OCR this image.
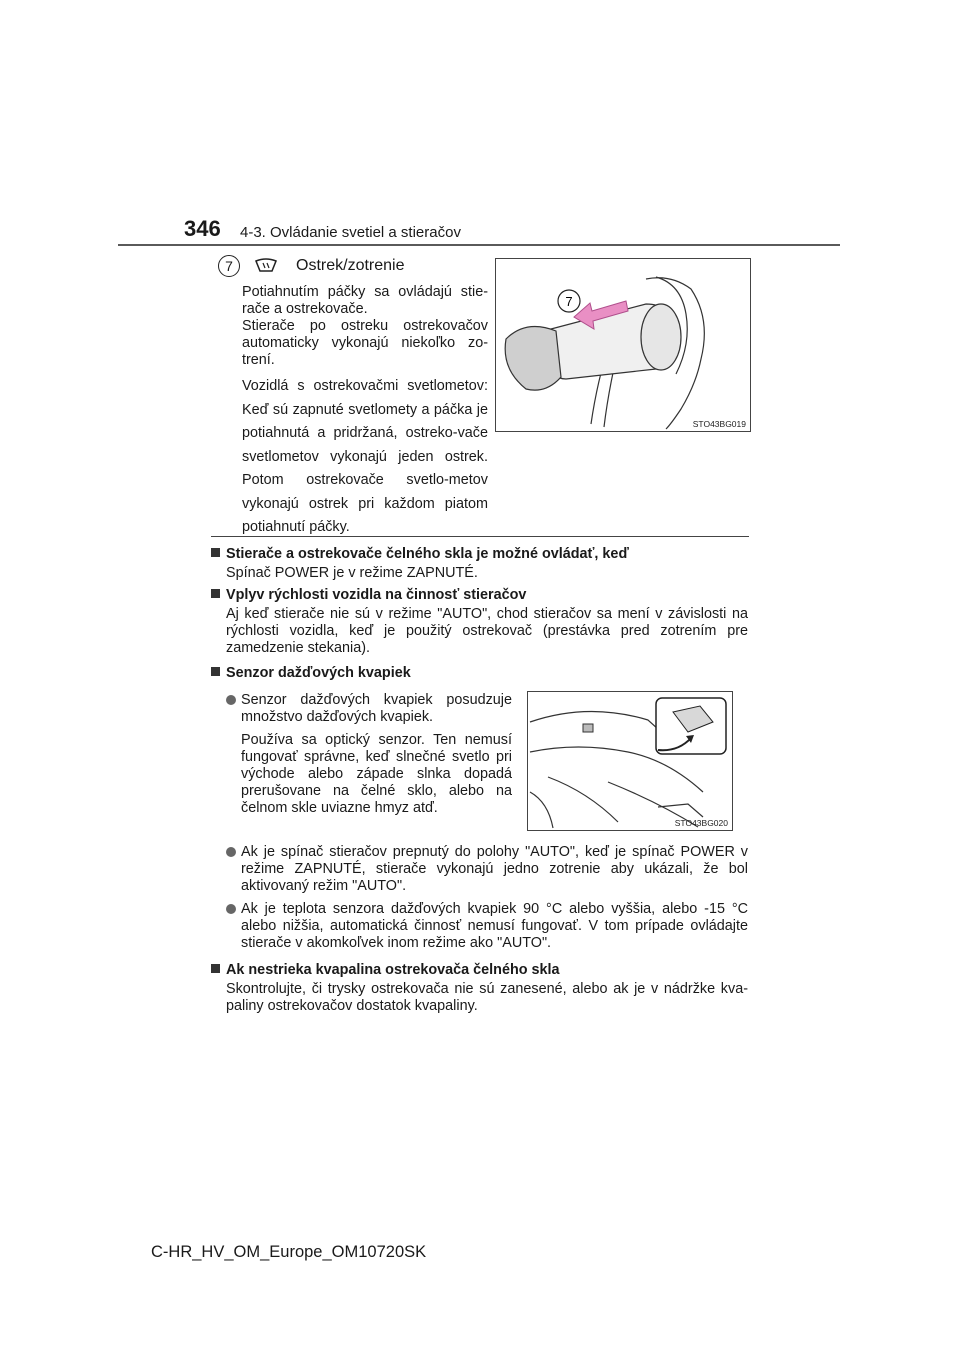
346 4-3. Ovládanie svetiel a stieračov
7	Ostrek/zotrenie
Potiahnutím páčky sa ovládajú stie-rače a ostrekovače.
Stierače po ostreku ostrekovačov automaticky vykonajú niekoľko zo-trení.
Vozidlá s ostrekovačmi svetlometov: Keď sú zapnuté svetlomety a páčka je potiahnutá a pridržaná, ostreko-vače svetlometov vykonajú jeden ostrek. Potom ostrekovače svetlo-metov vykonajú ostrek pri každom piatom potiahnutí páčky.
7
STO43BG019
Stierače a ostrekovače čelného skla je možné ovládať, keď
Spínač POWER je v režime ZAPNUTÉ.
Vplyv rýchlosti vozidla na činnosť stieračov
Aj keď stierače nie sú v režime "AUTO", chod stieračov sa mení v závislosti na rýchlosti vozidla, keď je použitý ostrekovač (prestávka pred zotrením pre zamedzenie stekania).
Senzor dažďových kvapiek
Senzor dažďových kvapiek posudzuje množstvo dažďových kvapiek.
Používa sa optický senzor. Ten nemusí fungovať správne, keď slnečné svetlo pri východe alebo západe slnka dopadá prerušovane na čelné sklo, alebo na čelnom skle uviazne hmyz atď.
STO43BG020
Ak je spínač stieračov prepnutý do polohy "AUTO", keď je spínač POWER v režime ZAPNUTÉ, stierače vykonajú jedno zotrenie aby ukázali, že bol aktivovaný režim "AUTO".
Ak je teplota senzora dažďových kvapiek 90 °C alebo vyššia, alebo -15 °C alebo nižšia, automatická činnosť nemusí fungovať. V tom prípade ovládajte stierače v akomkoľvek inom režime ako "AUTO".
Ak nestrieka kvapalina ostrekovača čelného skla
Skontrolujte, či trysky ostrekovača nie sú zanesené, alebo ak je v nádržke kva-paliny ostrekovačov dostatok kvapaliny.
C-HR_HV_OM_Europe_OM10720SK
